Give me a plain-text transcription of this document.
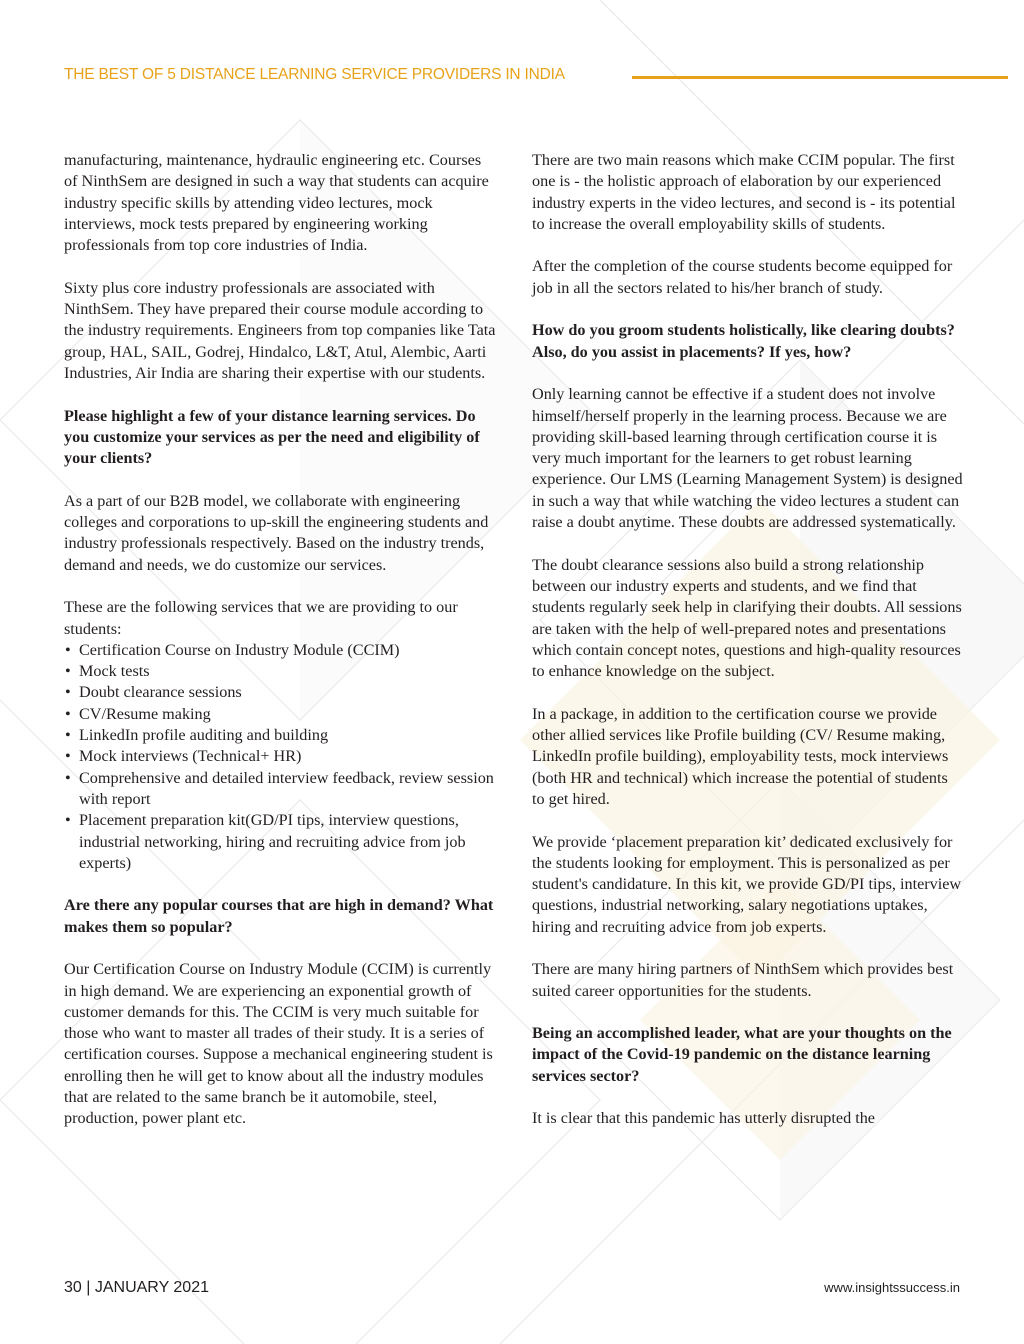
THE BEST OF 5 DISTANCE LEARNING SERVICE PROVIDERS IN INDIA

manufacturing, maintenance, hydraulic engineering etc. Courses of NinthSem are designed in such a way that students can acquire industry specific skills by attending video lectures, mock interviews, mock tests prepared by engineering working professionals from top core industries of India.

Sixty plus core industry professionals are associated with NinthSem. They have prepared their course module according to the industry requirements. Engineers from top companies like Tata group, HAL, SAIL, Godrej, Hindalco, L&T, Atul, Alembic, Aarti Industries, Air India are sharing their expertise with our students.

Please highlight a few of your distance learning services. Do you customize your services as per the need and eligibility of your clients?

As a part of our B2B model, we collaborate with engineering colleges and corporations to up-skill the engineering students and industry professionals respectively. Based on the industry trends, demand and needs, we do customize our services.

These are the following services that we are providing to our students:

• Certification Course on Industry Module (CCIM)
• Mock tests
• Doubt clearance sessions
• CV/Resume making
• LinkedIn profile auditing and building
• Mock interviews (Technical+ HR)
• Comprehensive and detailed interview feedback, review session with report
• Placement preparation kit(GD/PI tips, interview questions, industrial networking, hiring and recruiting advice from job experts)

Are there any popular courses that are high in demand? What makes them so popular?

Our Certification Course on Industry Module (CCIM) is currently in high demand. We are experiencing an exponential growth of customer demands for this. The CCIM is very much suitable for those who want to master all trades of their study. It is a series of certification courses. Suppose a mechanical engineering student is enrolling then he will get to know about all the industry modules that are related to the same branch be it automobile, steel, production, power plant etc.

There are two main reasons which make CCIM popular. The first one is - the holistic approach of elaboration by our experienced industry experts in the video lectures, and second is - its potential to increase the overall employability skills of students.

After the completion of the course students become equipped for job in all the sectors related to his/her branch of study.

How do you groom students holistically, like clearing doubts? Also, do you assist in placements? If yes, how?

Only learning cannot be effective if a student does not involve himself/herself properly in the learning process. Because we are providing skill-based learning through certification course it is very much important for the learners to get robust learning experience. Our LMS (Learning Management System) is designed in such a way that while watching the video lectures a student can raise a doubt anytime. These doubts are addressed systematically.

The doubt clearance sessions also build a strong relationship between our industry experts and students, and we find that students regularly seek help in clarifying their doubts. All sessions are taken with the help of well-prepared notes and presentations which contain concept notes, questions and high-quality resources to enhance knowledge on the subject.

In a package, in addition to the certification course we provide other allied services like Profile building (CV/ Resume making, LinkedIn profile building), employability tests, mock interviews (both HR and technical) which increase the potential of students to get hired.

We provide ‘placement preparation kit’ dedicated exclusively for the students looking for employment. This is personalized as per student's candidature. In this kit, we provide GD/PI tips, interview questions, industrial networking, salary negotiations uptakes, hiring and recruiting advice from job experts.

There are many hiring partners of NinthSem which provides best suited career opportunities for the students.

Being an accomplished leader, what are your thoughts on the impact of the Covid-19 pandemic on the distance learning services sector?

It is clear that this pandemic has utterly disrupted the

30 | JANUARY 2021	www.insightssuccess.in
